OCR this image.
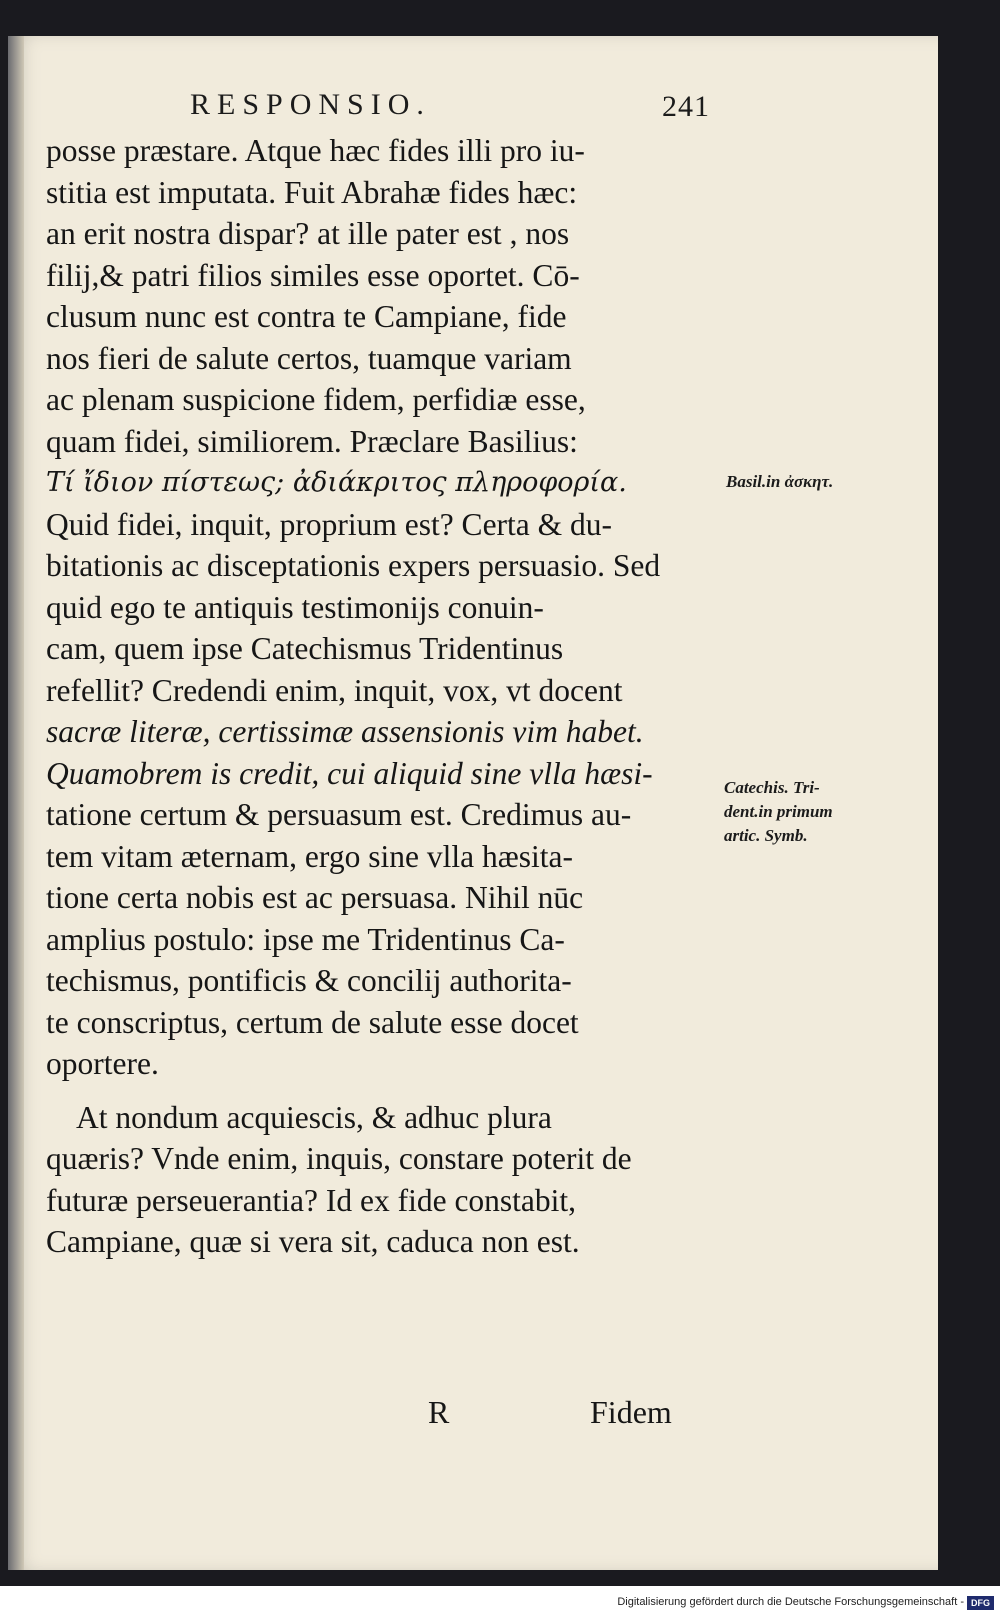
RESPONSIO.	241
posse præstare. Atque hæc fides illi pro iu-
stitia est imputata. Fuit Abrahæ fides hæc:
an erit nostra dispar? at ille pater est , nos
filij,& patri filios similes esse oportet. Cō-
clusum nunc est contra te Campiane, fide
nos fieri de salute certos, tuamque variam
ac plenam suspicione fidem, perfidiæ esse,
quam fidei, similiorem. Præclare Basilius:
Τί ἴδιον πίστεως; ἀδιάκριτος πληροφορία.
Quid fidei, inquit, proprium est? Certa & du-
bitationis ac disceptationis expers persuasio. Sed
quid ego te antiquis testimonijs conuin-
cam, quem ipse Catechismus Tridentinus
refellit? Credendi enim, inquit, vox, vt docent
sacræ literæ, certissimæ assensionis vim habet.
Quamobrem is credit, cui aliquid sine vlla hæsi-
tatione certum & persuasum est. Credimus au-
tem vitam æternam, ergo sine vlla hæsita-
tione certa nobis est ac persuasa. Nihil nūc
amplius postulo: ipse me Tridentinus Ca-
techismus, pontificis & concilij authorita-
te conscriptus, certum de salute esse docet
oportere.
At nondum acquiescis, & adhuc plura
quæris? Vnde enim, inquis, constare poterit de
futuræ perseuerantia? Id ex fide constabit,
Campiane, quæ si vera sit, caduca non est.
Basil.in ἀσκητ.
Catechis. Tri-
dent.in primum
artic. Symb.
R	Fidem
Digitalisierung gefördert durch die Deutsche Forschungsgemeinschaft - DFG
